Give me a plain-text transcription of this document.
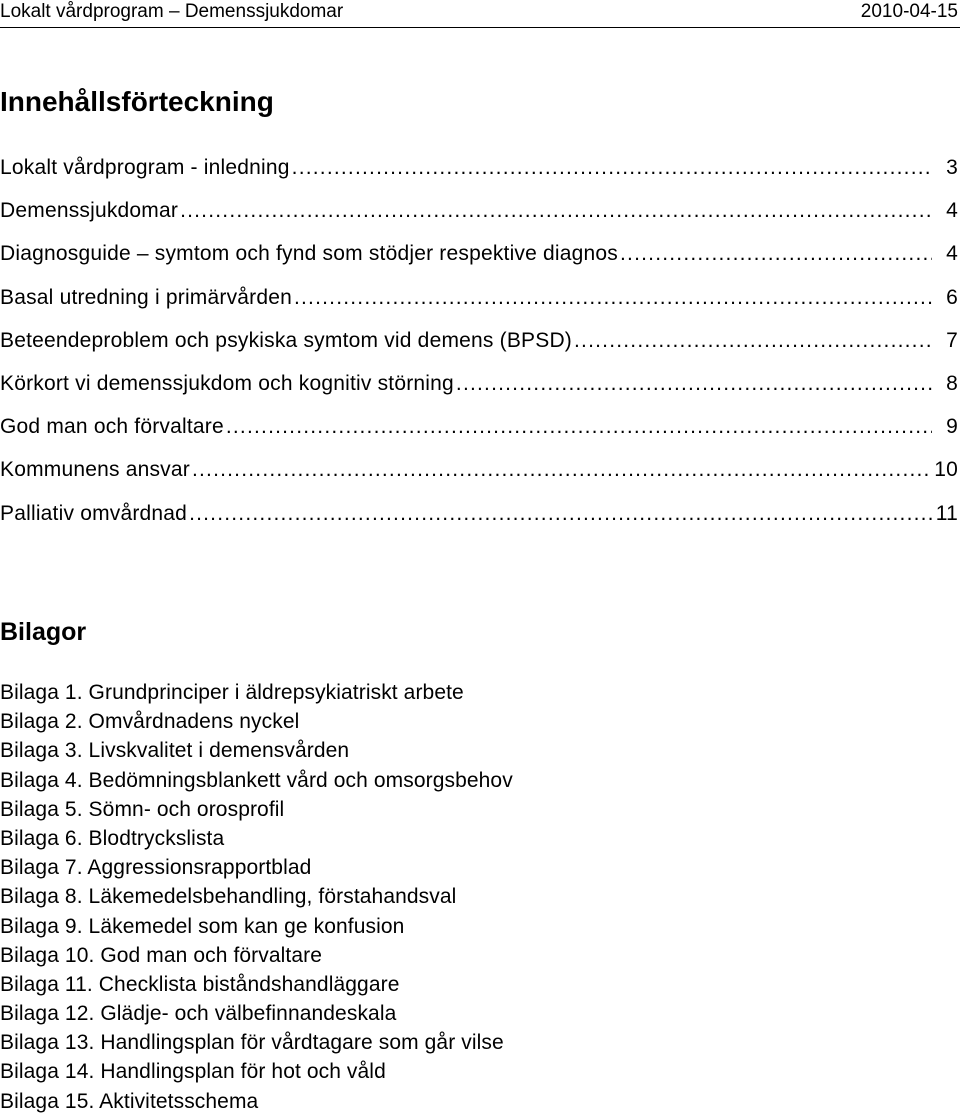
Lokalt vårdprogram – Demenssjukdomar	2010-04-15
Innehållsförteckning
Lokalt vårdprogram - inledning .....	3
Demenssjukdomar .....	4
Diagnosguide – symtom och fynd som stödjer respektive diagnos .....	4
Basal utredning i primärvården .....	6
Beteendeproblem och psykiska symtom vid demens (BPSD) .....	7
Körkort vi demenssjukdom och kognitiv störning .....	8
God man och förvaltare .....	9
Kommunens ansvar .....	10
Palliativ omvårdnad .....	11
Bilagor
Bilaga 1. Grundprinciper i äldrepsykiatriskt arbete
Bilaga 2. Omvårdnadens nyckel
Bilaga 3. Livskvalitet i demensvården
Bilaga 4. Bedömningsblankett vård och omsorgsbehov
Bilaga 5. Sömn- och orosprofil
Bilaga 6. Blodtryckslista
Bilaga 7. Aggressionsrapportblad
Bilaga 8. Läkemedelsbehandling, förstahandsval
Bilaga 9. Läkemedel som kan ge konfusion
Bilaga 10. God man och förvaltare
Bilaga 11. Checklista biståndshandläggare
Bilaga 12. Glädje- och välbefinnandeskala
Bilaga 13. Handlingsplan för vårdtagare som går vilse
Bilaga 14. Handlingsplan för hot och våld
Bilaga 15. Aktivitetsschema
